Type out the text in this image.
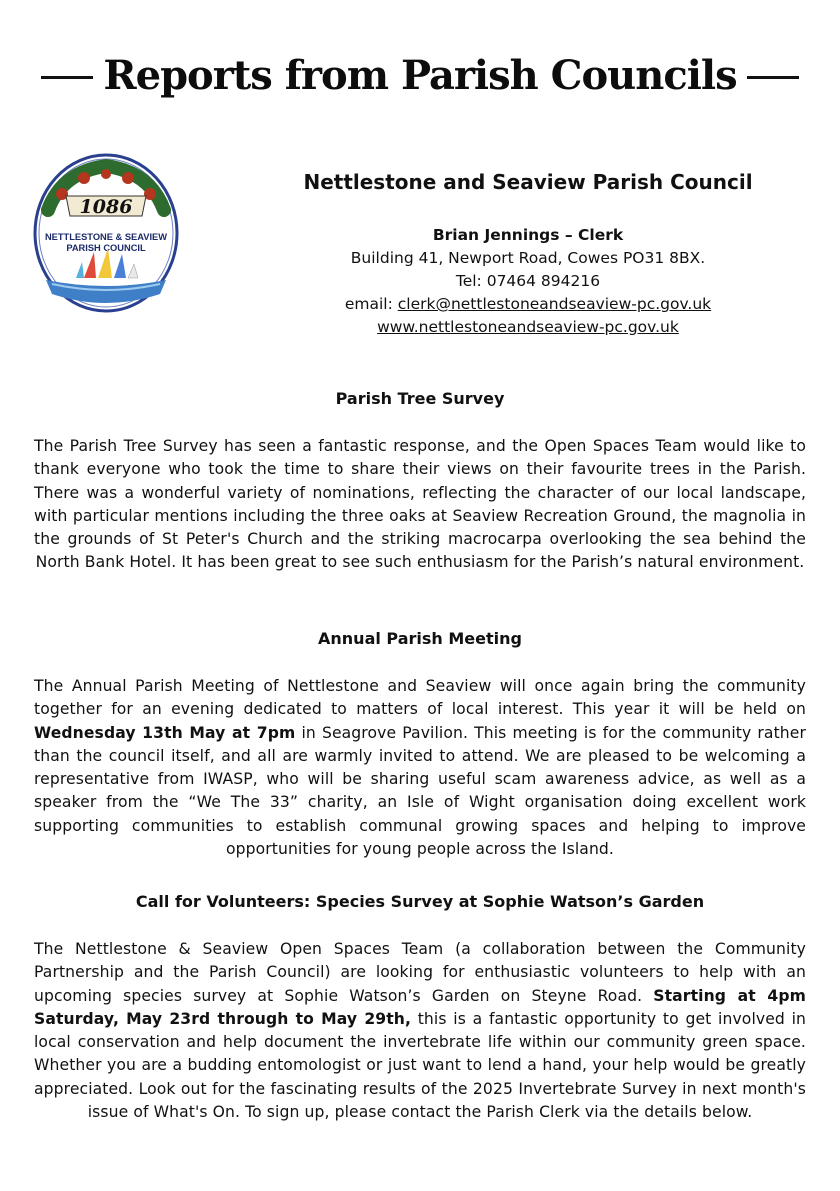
Reports from Parish Councils
1086
NETTLESTONE & SEAVIEW
PARISH COUNCIL
Nettlestone and Seaview Parish Council
Brian Jennings – Clerk
Building 41, Newport Road, Cowes PO31 8BX.
Tel: 07464 894216
email: clerk@nettlestoneandseaview-pc.gov.uk
www.nettlestoneandseaview-pc.gov.uk
Parish Tree Survey
The Parish Tree Survey has seen a fantastic response, and the Open Spaces Team would like to thank everyone who took the time to share their views on their favourite trees in the Parish. There was a wonderful variety of nominations, reflecting the character of our local landscape, with particular mentions including the three oaks at Seaview Recreation Ground, the magnolia in the grounds of St Peter's Church and the striking macrocarpa overlooking the sea behind the North Bank Hotel. It has been great to see such enthusiasm for the Parish’s natural environment.
Annual Parish Meeting
The Annual Parish Meeting of Nettlestone and Seaview will once again bring the community together for an evening dedicated to matters of local interest. This year it will be held on Wednesday 13th May at 7pm in Seagrove Pavilion. This meeting is for the community rather than the council itself, and all are warmly invited to attend. We are pleased to be welcoming a representative from IWASP, who will be sharing useful scam awareness advice, as well as a speaker from the “We The 33” charity, an Isle of Wight organisation doing excellent work supporting communities to establish communal growing spaces and helping to improve opportunities for young people across the Island.
Call for Volunteers: Species Survey at Sophie Watson’s Garden
The Nettlestone & Seaview Open Spaces Team (a collaboration between the Community Partnership and the Parish Council) are looking for enthusiastic volunteers to help with an upcoming species survey at Sophie Watson’s Garden on Steyne Road. Starting at 4pm Saturday, May 23rd through to May 29th, this is a fantastic opportunity to get involved in local conservation and help document the invertebrate life within our community green space. Whether you are a budding entomologist or just want to lend a hand, your help would be greatly appreciated. Look out for the fascinating results of the 2025 Invertebrate Survey in next month's issue of What's On. To sign up, please contact the Parish Clerk via the details below.
